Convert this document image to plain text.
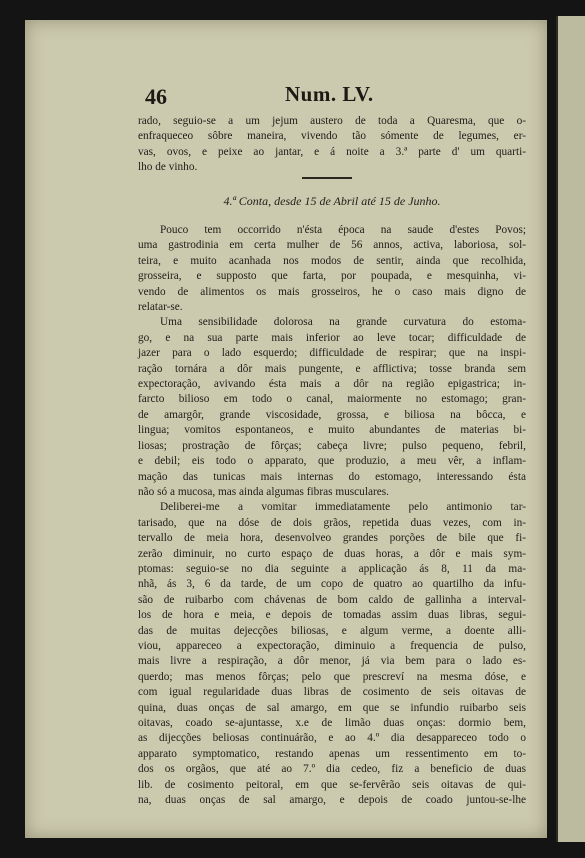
46	Num. LV.
rado, seguio-se a um jejum austero de toda a Quaresma, que o-
enfraqueceo sôbre maneira, vivendo tão sómente de legumes, er-
vas, ovos, e peixe ao jantar, e á noite a 3.ª parte d' um quarti-
lho de vinho.
4.ª Conta, desde 15 de Abril até 15 de Junho.
Pouco tem occorrido n'ésta época na saude d'estes Povos;
uma gastrodinia em certa mulher de 56 annos, activa, laboriosa, sol-
teira, e muito acanhada nos modos de sentir, ainda que recolhida,
grosseira, e supposto que farta, por poupada, e mesquinha, vi-
vendo de alimentos os mais grosseiros, he o caso mais digno de
relatar-se.
Uma sensibilidade dolorosa na grande curvatura do estoma-
go, e na sua parte mais inferior ao leve tocar; difficuldade de
jazer para o lado esquerdo; difficuldade de respirar; que na inspi-
ração tornára a dôr mais pungente, e afflictiva; tosse branda sem
expectoração, avivando ésta mais a dôr na região epigastrica; in-
farcto bilioso em todo o canal, maiormente no estomago; gran-
de amargôr, grande viscosidade, grossa, e biliosa na bôcca, e
lingua; vomitos espontaneos, e muito abundantes de materias bi-
liosas; prostração de fôrças; cabeça livre; pulso pequeno, febril,
e debil; eis todo o apparato, que produzio, a meu vêr, a inflam-
mação das tunicas mais internas do estomago, interessando ésta
não só a mucosa, mas ainda algumas fibras musculares.
Deliberei-me a vomitar immediatamente pelo antimonio tar-
tarisado, que na dóse de dois grãos, repetida duas vezes, com in-
tervallo de meia hora, desenvolveo grandes porções de bile que fi-
zerão diminuir, no curto espaço de duas horas, a dôr e mais sym-
ptomas: seguio-se no dia seguinte a applicação ás 8, 11 da ma-
nhã, ás 3, 6 da tarde, de um copo de quatro ao quartilho da infu-
são de ruibarbo com chávenas de bom caldo de gallinha a interval-
los de hora e meia, e depois de tomadas assim duas libras, segui-
das de muitas dejecções biliosas, e algum verme, a doente alli-
viou, appareceo a expectoração, diminuio a frequencia de pulso,
mais livre a respiração, a dôr menor, já via bem para o lado es-
querdo; mas menos fôrças; pelo que prescreví na mesma dóse, e
com igual regularidade duas libras de cosimento de seis oitavas de
quina, duas onças de sal amargo, em que se infundio ruibarbo seis
oitavas, coado se-ajuntasse, x.e de limão duas onças: dormio bem,
as dijecções beliosas continuárão, e ao 4.º dia desappareceo todo o
apparato symptomatico, restando apenas um ressentimento em to-
dos os orgãos, que até ao 7.º dia cedeo, fiz a beneficio de duas
lib. de cosimento peitoral, em que se-fervêrão seis oitavas de qui-
na, duas onças de sal amargo, e depois de coado juntou-se-lhe
